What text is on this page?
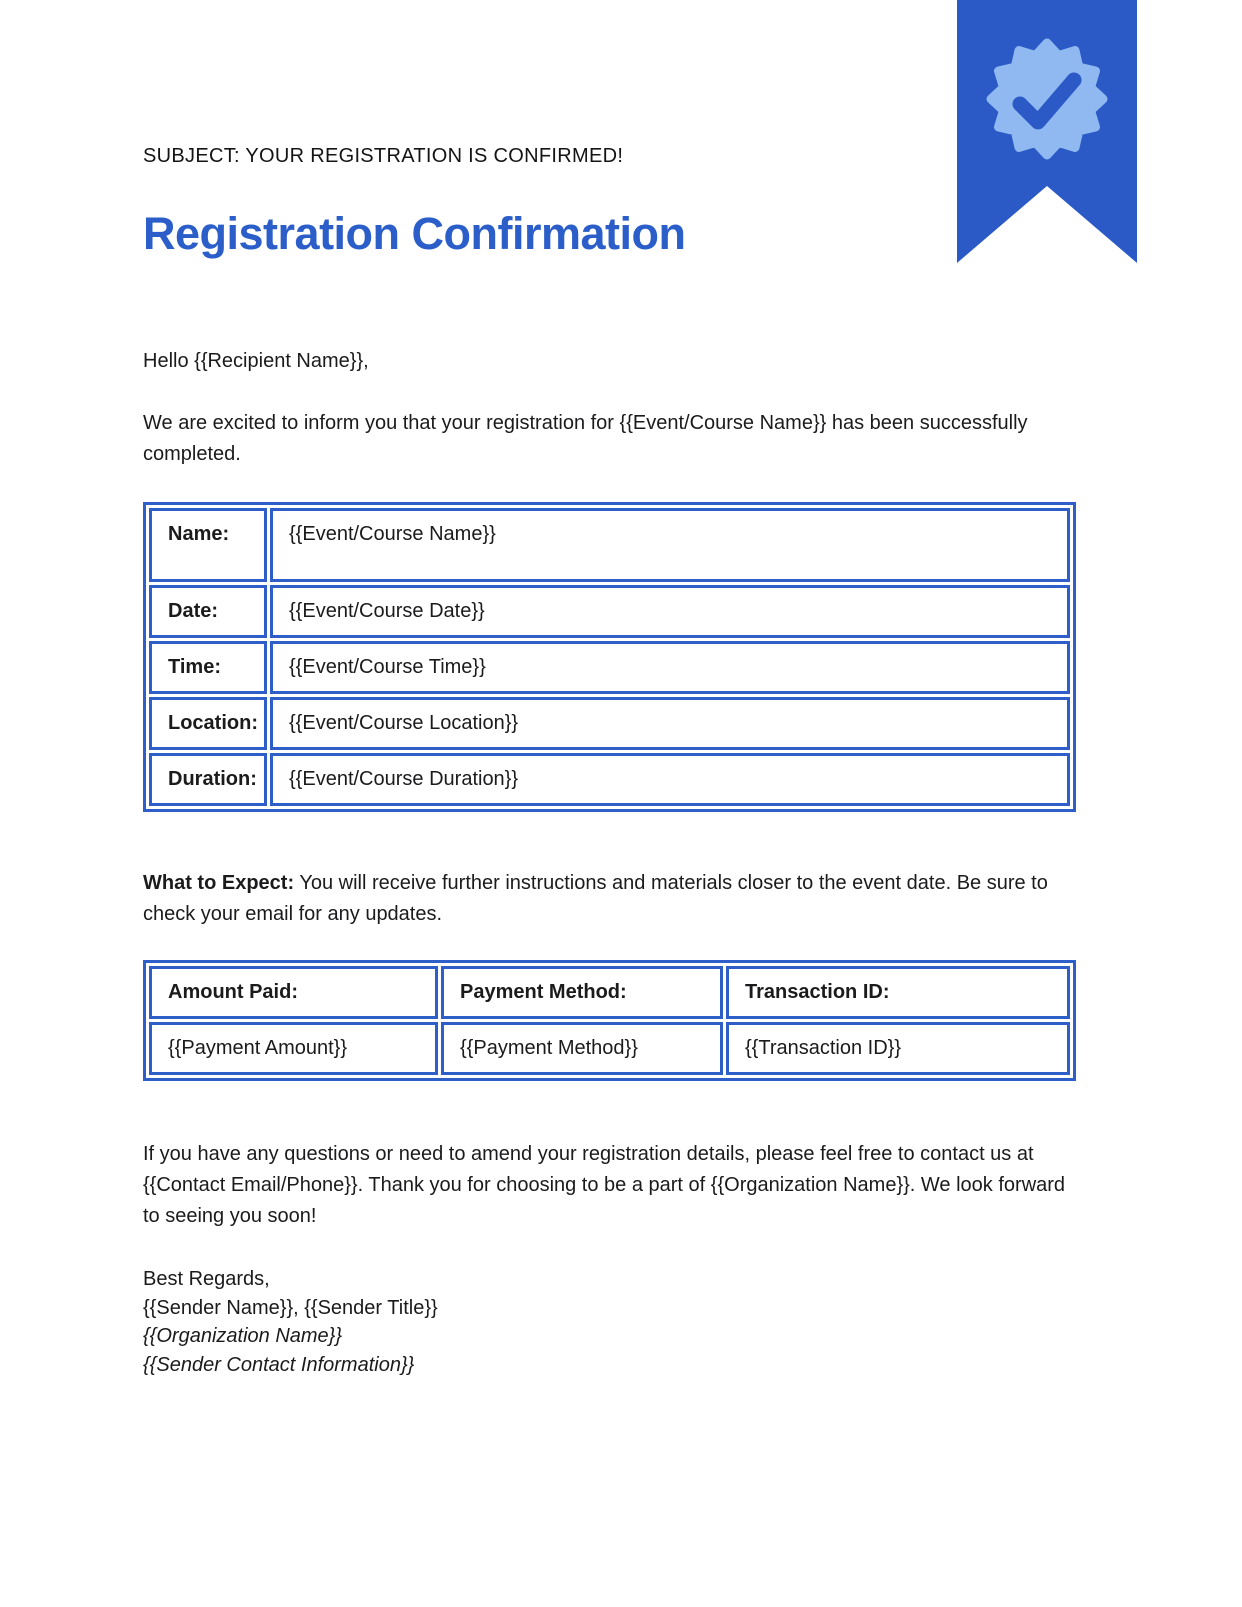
SUBJECT: YOUR REGISTRATION IS CONFIRMED!

Registration Confirmation

Hello {{Recipient Name}},

We are excited to inform you that your registration for {{Event/Course Name}} has been successfully completed.

Name:	{{Event/Course Name}}
Date:	{{Event/Course Date}}
Time:	{{Event/Course Time}}
Location:	{{Event/Course Location}}
Duration:	{{Event/Course Duration}}

What to Expect: You will receive further instructions and materials closer to the event date. Be sure to check your email for any updates.

Amount Paid:	Payment Method:	Transaction ID:
{{Payment Amount}}	{{Payment Method}}	{{Transaction ID}}

If you have any questions or need to amend your registration details, please feel free to contact us at {{Contact Email/Phone}}. Thank you for choosing to be a part of {{Organization Name}}. We look forward to seeing you soon!

Best Regards,
{{Sender Name}}, {{Sender Title}}
{{Organization Name}}
{{Sender Contact Information}}
